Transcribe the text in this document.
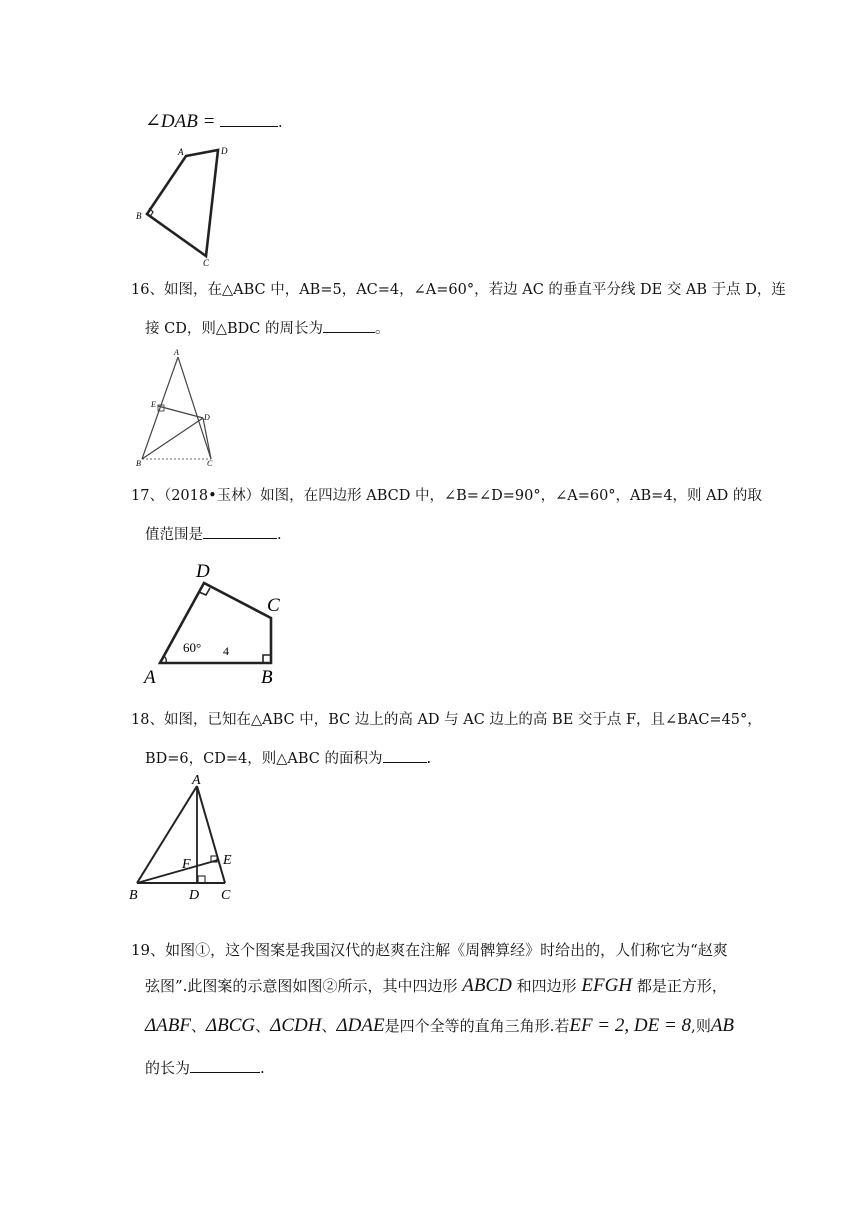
∠DAB =	.
A	D
B
C
16、如图，在△ABC 中，AB=5，AC=4，∠A=60°，若边 AC 的垂直平分线 DE 交 AB 于点 D，连
接 CD，则△BDC 的周长为	。
A
E
D
B	C
17、（2018•玉林）如图，在四边形 ABCD 中，∠B=∠D=90°，∠A=60°，AB=4，则 AD 的取
值范围是	.
60° 4
A	B
C
D
18、如图，已知在△ABC 中，BC 边上的高 AD 与 AC 边上的高 BE 交于点 F，且∠BAC=45°，
BD=6，CD=4，则△ABC 的面积为	.
A
F E
B	D C
19、如图①，这个图案是我国汉代的赵爽在注解《周髀算经》时给出的，人们称它为“赵爽
弦图”.此图案的示意图如图②所示，其中四边形 ABCD 和四边形 EFGH 都是正方形，
ΔABF、ΔBCG、ΔCDH、ΔDAE是四个全等的直角三角形.若EF = 2, DE = 8,则AB
的长为	.
